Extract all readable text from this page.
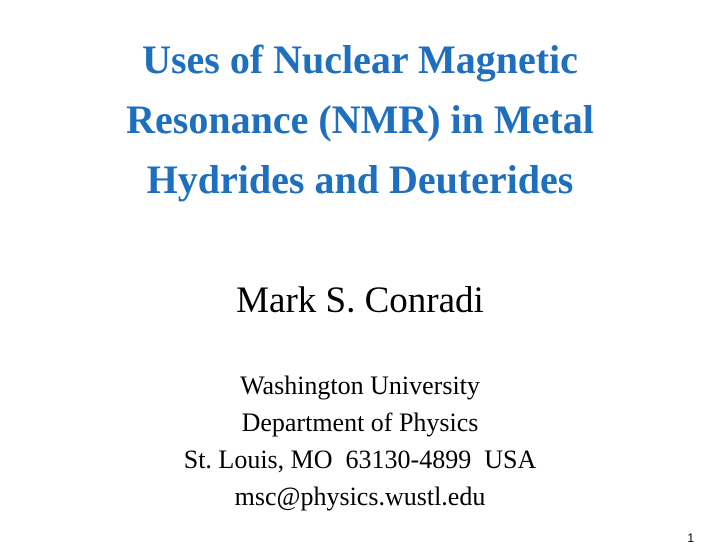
Uses of Nuclear Magnetic
Resonance (NMR) in Metal
Hydrides and Deuterides

Mark S. Conradi

Washington University
Department of Physics
St. Louis, MO  63130-4899  USA
msc@physics.wustl.edu
1
